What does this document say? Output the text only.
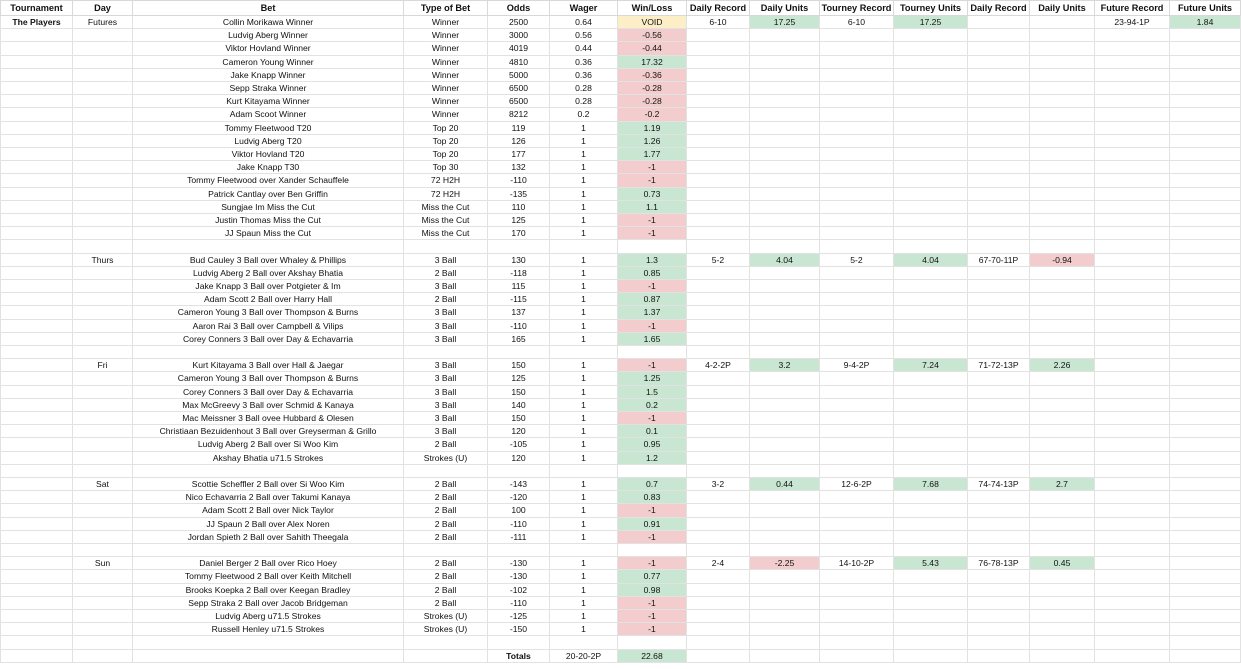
Tournament	Day	Bet	Type of Bet	Odds	Wager	Win/Loss	Daily Record	Daily Units	Tourney Record	Tourney Units	Daily Record	Daily Units	Future Record	Future Units
The Players	Futures	Collin Morikawa Winner	Winner	2500	0.64	VOID	6-10	17.25	6-10	17.25			23-94-1P	1.84
		Ludvig Aberg Winner	Winner	3000	0.56	-0.56								
		Viktor Hovland Winner	Winner	4019	0.44	-0.44								
		Cameron Young Winner	Winner	4810	0.36	17.32								
		Jake Knapp Winner	Winner	5000	0.36	-0.36								
		Sepp Straka Winner	Winner	6500	0.28	-0.28								
		Kurt Kitayama Winner	Winner	6500	0.28	-0.28								
		Adam Scoot Winner	Winner	8212	0.2	-0.2								
		Tommy Fleetwood T20	Top 20	119	1	1.19								
		Ludvig Aberg T20	Top 20	126	1	1.26								
		Viktor Hovland T20	Top 20	177	1	1.77								
		Jake Knapp T30	Top 30	132	1	-1								
		Tommy Fleetwood over Xander Schauffele	72 H2H	-110	1	-1								
		Patrick Cantlay over Ben Griffin	72 H2H	-135	1	0.73								
		Sungjae Im Miss the Cut	Miss the Cut	110	1	1.1								
		Justin Thomas Miss the Cut	Miss the Cut	125	1	-1								
		JJ Spaun Miss the Cut	Miss the Cut	170	1	-1								

	Thurs	Bud Cauley 3 Ball over Whaley & Phillips	3 Ball	130	1	1.3	5-2	4.04	5-2	4.04	67-70-11P	-0.94		
		Ludvig Aberg 2 Ball over Akshay Bhatia	2 Ball	-118	1	0.85								
		Jake Knapp 3 Ball over Potgieter & Im	3 Ball	115	1	-1								
		Adam Scott 2 Ball over Harry Hall	2 Ball	-115	1	0.87								
		Cameron Young 3 Ball over Thompson & Burns	3 Ball	137	1	1.37								
		Aaron Rai 3 Ball over Campbell & Vilips	3 Ball	-110	1	-1								
		Corey Conners 3 Ball over Day & Echavarria	3 Ball	165	1	1.65								

	Fri	Kurt Kitayama 3 Ball over Hall & Jaegar	3 Ball	150	1	-1	4-2-2P	3.2	9-4-2P	7.24	71-72-13P	2.26		
		Cameron Young 3 Ball over Thompson & Burns	3 Ball	125	1	1.25								
		Corey Conners 3 Ball over Day & Echavarria	3 Ball	150	1	1.5								
		Max McGreevy 3 Ball over Schmid & Kanaya	3 Ball	140	1	0.2								
		Mac Meissner 3 Ball ovee Hubbard & Olesen	3 Ball	150	1	-1								
		Christiaan Bezuidenhout 3 Ball over Greyserman & Grillo	3 Ball	120	1	0.1								
		Ludvig Aberg 2 Ball over Si Woo Kim	2 Ball	-105	1	0.95								
		Akshay Bhatia u71.5 Strokes	Strokes (U)	120	1	1.2								

	Sat	Scottie Scheffler 2 Ball over Si Woo Kim	2 Ball	-143	1	0.7	3-2	0.44	12-6-2P	7.68	74-74-13P	2.7		
		Nico Echavarria 2 Ball over Takumi Kanaya	2 Ball	-120	1	0.83								
		Adam Scott 2 Ball over Nick Taylor	2 Ball	100	1	-1								
		JJ Spaun 2 Ball over Alex Noren	2 Ball	-110	1	0.91								
		Jordan Spieth 2 Ball over Sahith Theegala	2 Ball	-111	1	-1								

	Sun	Daniel Berger 2 Ball over Rico Hoey	2 Ball	-130	1	-1	2-4	-2.25	14-10-2P	5.43	76-78-13P	0.45		
		Tommy Fleetwood 2 Ball over Keith Mitchell	2 Ball	-130	1	0.77								
		Brooks Koepka 2 Ball over Keegan Bradley	2 Ball	-102	1	0.98								
		Sepp Straka 2 Ball over Jacob Bridgeman	2 Ball	-110	1	-1								
		Ludvig Aberg u71.5 Strokes	Strokes (U)	-125	1	-1								
		Russell Henley u71.5 Strokes	Strokes (U)	-150	1	-1								

				Totals	20-20-2P	22.68								
